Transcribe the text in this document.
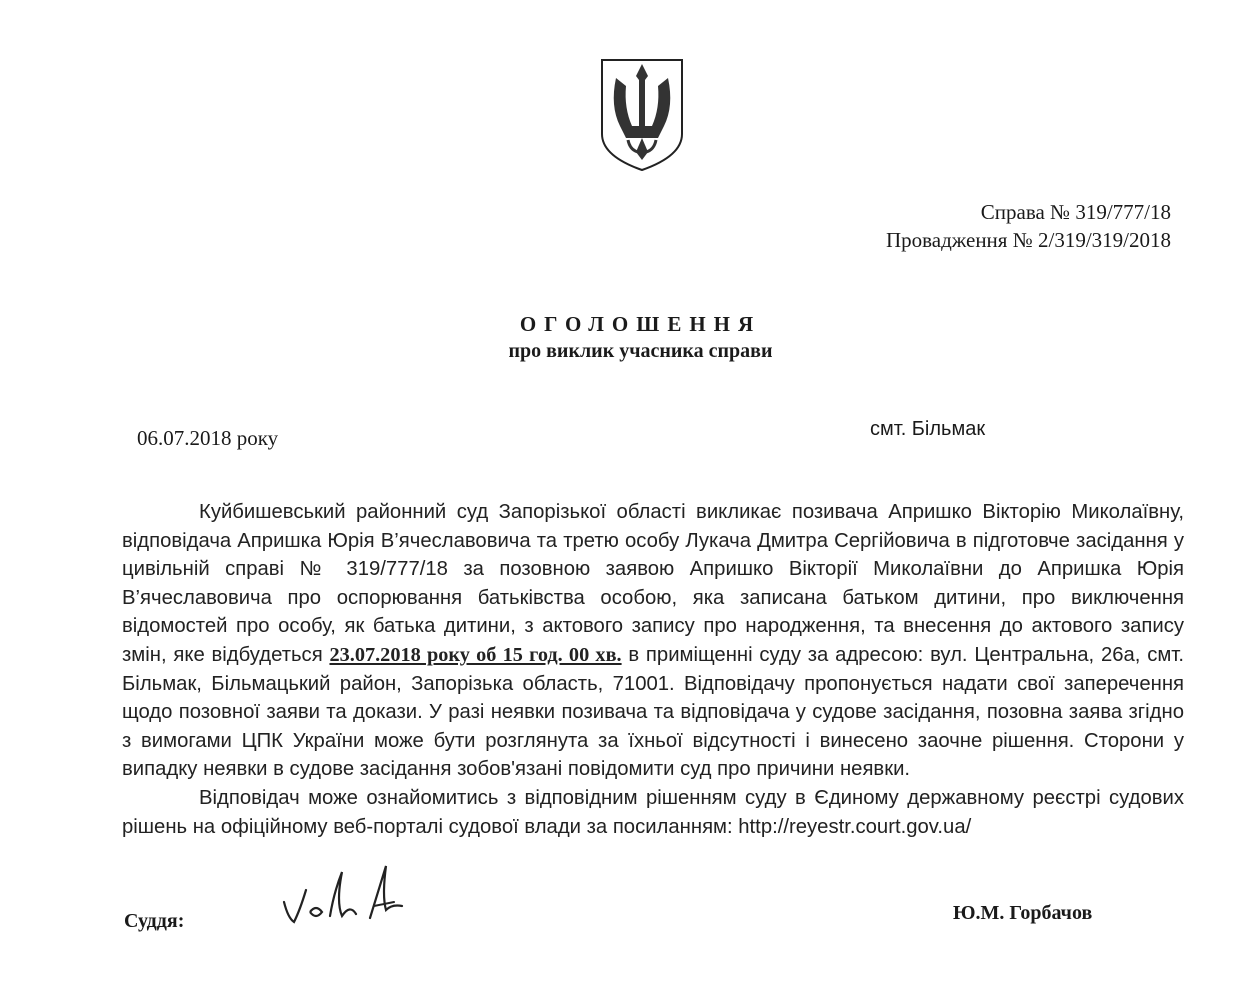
Справа № 319/777/18
Провадження № 2/319/319/2018
ОГОЛОШЕННЯ
про виклик учасника справи
06.07.2018 року	смт. Більмак

Куйбишевський районний суд Запорізької області викликає позивача Апришко Вікторію Миколаївну, відповідача Апришка Юрія В’ячеславовича та третю особу Лукача Дмитра Сергійовича в підготовче засідання у цивільній справі № 319/777/18 за позовною заявою Апришко Вікторії Миколаївни до Апришка Юрія В’ячеславовича про оспорювання батьківства особою, яка записана батьком дитини, про виключення відомостей про особу, як батька дитини, з актового запису про народження, та внесення до актового запису змін, яке відбудеться 23.07.2018 року об 15 год. 00 хв. в приміщенні суду за адресою: вул. Центральна, 26а, смт. Більмак, Більмацький район, Запорізька область, 71001. Відповідачу пропонується надати свої заперечення щодо позовної заяви та докази. У разі неявки позивача та відповідача у судове засідання, позовна заява згідно з вимогами ЦПК України може бути розглянута за їхньої відсутності і винесено заочне рішення. Сторони у випадку неявки в судове засідання зобов'язані повідомити суд про причини неявки.

Відповідач може ознайомитись з відповідним рішенням суду в Єдиному державному реєстрі судових рішень на офіційному веб-порталі судової влади за посиланням: http://reyestr.court.gov.ua/

Суддя:	Ю.М. Горбачов
